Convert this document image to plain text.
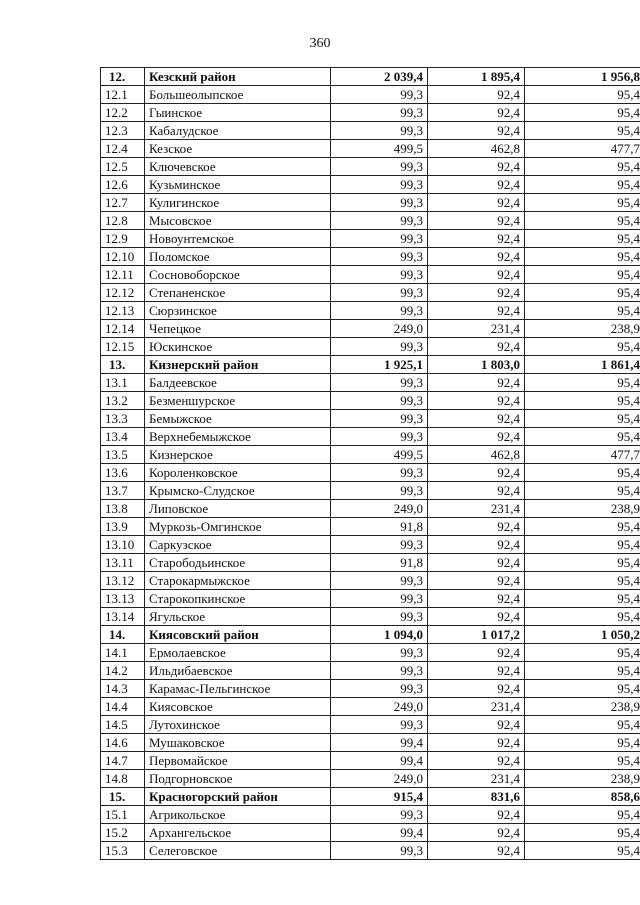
360
12.	Кезский район	2 039,4	1 895,4	1 956,8
12.1	Большеолыпское	99,3	92,4	95,4
12.2	Гыинское	99,3	92,4	95,4
12.3	Кабалудское	99,3	92,4	95,4
12.4	Кезское	499,5	462,8	477,7
12.5	Ключевское	99,3	92,4	95,4
12.6	Кузьминское	99,3	92,4	95,4
12.7	Кулигинское	99,3	92,4	95,4
12.8	Мысовское	99,3	92,4	95,4
12.9	Новоунтемское	99,3	92,4	95,4
12.10	Поломское	99,3	92,4	95,4
12.11	Сосновоборское	99,3	92,4	95,4
12.12	Степаненское	99,3	92,4	95,4
12.13	Сюрзинское	99,3	92,4	95,4
12.14	Чепецкое	249,0	231,4	238,9
12.15	Юскинское	99,3	92,4	95,4
13.	Кизнерский район	1 925,1	1 803,0	1 861,4
13.1	Балдеевское	99,3	92,4	95,4
13.2	Безменшурское	99,3	92,4	95,4
13.3	Бемыжское	99,3	92,4	95,4
13.4	Верхнебемыжское	99,3	92,4	95,4
13.5	Кизнерское	499,5	462,8	477,7
13.6	Короленковское	99,3	92,4	95,4
13.7	Крымско-Слудское	99,3	92,4	95,4
13.8	Липовское	249,0	231,4	238,9
13.9	Муркозь-Омгинское	91,8	92,4	95,4
13.10	Саркузское	99,3	92,4	95,4
13.11	Старободьинское	91,8	92,4	95,4
13.12	Старокармыжское	99,3	92,4	95,4
13.13	Старокопкинское	99,3	92,4	95,4
13.14	Ягульское	99,3	92,4	95,4
14.	Киясовский район	1 094,0	1 017,2	1 050,2
14.1	Ермолаевское	99,3	92,4	95,4
14.2	Ильдибаевское	99,3	92,4	95,4
14.3	Карамас-Пельгинское	99,3	92,4	95,4
14.4	Киясовское	249,0	231,4	238,9
14.5	Лутохинское	99,3	92,4	95,4
14.6	Мушаковское	99,4	92,4	95,4
14.7	Первомайское	99,4	92,4	95,4
14.8	Подгорновское	249,0	231,4	238,9
15.	Красногорский район	915,4	831,6	858,6
15.1	Агрикольское	99,3	92,4	95,4
15.2	Архангельское	99,4	92,4	95,4
15.3	Селеговское	99,3	92,4	95,4
